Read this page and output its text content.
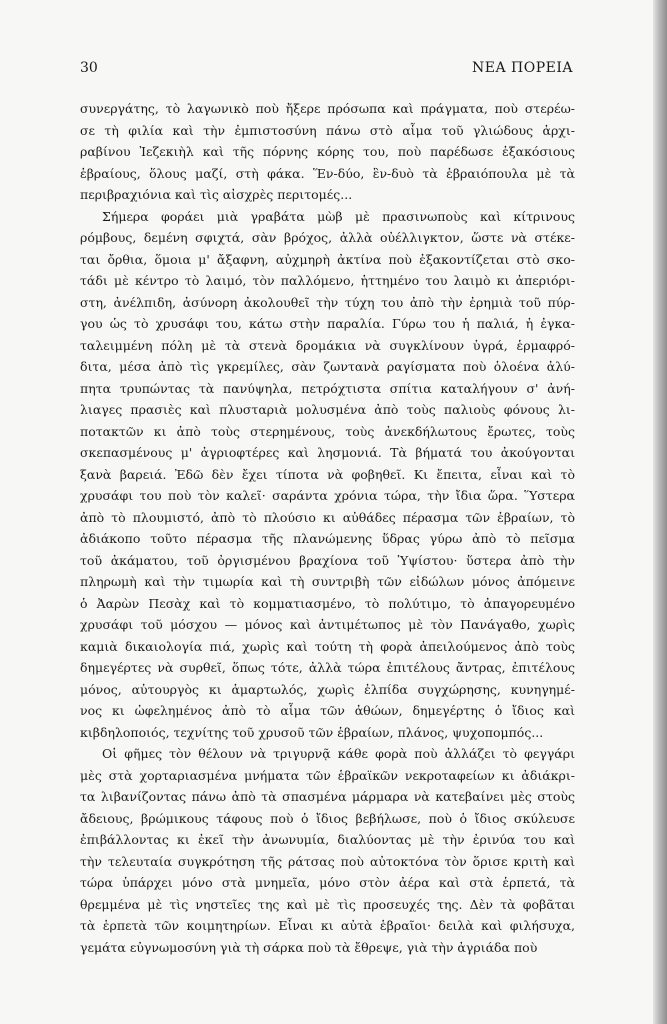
30	ΝΕΑ ΠΟΡΕΙΑ
συνεργάτης, τὸ λαγωνικὸ ποὺ ἤξερε πρόσωπα καὶ πράγματα, ποὺ στερέω-
σε τὴ φιλία καὶ τὴν ἐμπιστοσύνη πάνω στὸ αἷμα τοῦ γλιώδους ἀρχι-
ραβίνου Ἰεζεκιὴλ καὶ τῆς πόρνης κόρης του, ποὺ παρέδωσε ἑξακόσιους
ἑβραίους, ὅλους μαζί, στὴ φάκα. Ἕν-δύο, ἓν-δυὸ τὰ ἑβραιόπουλα μὲ τὰ
περιβραχιόνια καὶ τὶς αἰσχρὲς περιτομές...
Σήμερα φοράει μιὰ γραβάτα μὼβ μὲ πρασινωποὺς καὶ κίτρινους
ρόμβους, δεμένη σφιχτά, σὰν βρόχος, ἀλλὰ οὐέλλιγκτον, ὥστε νὰ στέκε-
ται ὄρθια, ὅμοια μ' ἄξαφνη, αὐχμηρὴ ἀκτίνα ποὺ ἐξακοντίζεται στὸ σκο-
τάδι μὲ κέντρο τὸ λαιμό, τὸν παλλόμενο, ἡττημένο του λαιμὸ κι ἀπεριόρι-
στη, ἀνέλπιδη, ἀσύνορη ἀκολουθεῖ τὴν τύχη του ἀπὸ τὴν ἐρημιὰ τοῦ πύρ-
γου ὡς τὸ χρυσάφι του, κάτω στὴν παραλία. Γύρω του ἡ παλιά, ἡ ἐγκα-
ταλειμμένη πόλη μὲ τὰ στενὰ δρομάκια νὰ συγκλίνουν ὑγρά, ἑρμαφρό-
διτα, μέσα ἀπὸ τὶς γκρεμίλες, σὰν ζωντανὰ ραγίσματα ποὺ ὁλοένα ἀλύ-
πητα τρυπώντας τὰ πανύψηλα, πετρόχτιστα σπίτια καταλήγουν σ' ἀνή-
λιαγες πρασιὲς καὶ πλυσταριὰ μολυσμένα ἀπὸ τοὺς παλιοὺς φόνους λι-
ποτακτῶν κι ἀπὸ τοὺς στερημένους, τοὺς ἀνεκδήλωτους ἔρωτες, τοὺς
σκεπασμένους μ' ἀγριοφτέρες καὶ λησμονιά. Τὰ βήματά του ἀκούγονται
ξανὰ βαρειά. Ἐδῶ δὲν ἔχει τίποτα νὰ φοβηθεῖ. Κι ἔπειτα, εἶναι καὶ τὸ
χρυσάφι του ποὺ τὸν καλεῖ· σαράντα χρόνια τώρα, τὴν ἴδια ὥρα. Ὕστερα
ἀπὸ τὸ πλουμιστό, ἀπὸ τὸ πλούσιο κι αὐθάδες πέρασμα τῶν ἑβραίων, τὸ
ἀδιάκοπο τοῦτο πέρασμα τῆς πλανώμενης ὕδρας γύρω ἀπὸ τὸ πεῖσμα
τοῦ ἀκάματου, τοῦ ὀργισμένου βραχίονα τοῦ Ὑψίστου· ὕστερα ἀπὸ τὴν
πληρωμὴ καὶ τὴν τιμωρία καὶ τὴ συντριβὴ τῶν εἰδώλων μόνος ἀπόμεινε
ὁ Ἀαρὼν Πεσὰχ καὶ τὸ κομματιασμένο, τὸ πολύτιμο, τὸ ἀπαγορευμένο
χρυσάφι τοῦ μόσχου — μόνος καὶ ἀντιμέτωπος μὲ τὸν Πανάγαθο, χωρὶς
καμιὰ δικαιολογία πιά, χωρὶς καὶ τούτη τὴ φορὰ ἀπειλούμενος ἀπὸ τοὺς
δημεγέρτες νὰ συρθεῖ, ὅπως τότε, ἀλλὰ τώρα ἐπιτέλους ἄντρας, ἐπιτέλους
μόνος, αὐτουργὸς κι ἁμαρτωλός, χωρὶς ἐλπίδα συγχώρησης, κυνηγημέ-
νος κι ὠφελημένος ἀπὸ τὸ αἷμα τῶν ἀθώων, δημεγέρτης ὁ ἴδιος καὶ
κιβδηλοποιός, τεχνίτης τοῦ χρυσοῦ τῶν ἑβραίων, πλάνος, ψυχοπομπός...
Οἱ φῆμες τὸν θέλουν νὰ τριγυρνᾷ κάθε φορὰ ποὺ ἀλλάζει τὸ φεγγάρι
μὲς στὰ χορταριασμένα μνήματα τῶν ἑβραϊκῶν νεκροταφείων κι ἀδιάκρι-
τα λιβανίζοντας πάνω ἀπὸ τὰ σπασμένα μάρμαρα νὰ κατεβαίνει μὲς στοὺς
ἄδειους, βρώμικους τάφους ποὺ ὁ ἴδιος βεβήλωσε, ποὺ ὁ ἴδιος σκύλευσε
ἐπιβάλλοντας κι ἐκεῖ τὴν ἀνωνυμία, διαλύοντας μὲ τὴν ἐρινύα του καὶ
τὴν τελευταία συγκρότηση τῆς ράτσας ποὺ αὐτοκτόνα τὸν ὅρισε κριτὴ καὶ
τώρα ὑπάρχει μόνο στὰ μνημεῖα, μόνο στὸν ἀέρα καὶ στὰ ἑρπετά, τὰ
θρεμμένα μὲ τὶς νηστεῖες της καὶ μὲ τὶς προσευχές της. Δὲν τὰ φοβᾶται
τὰ ἑρπετὰ τῶν κοιμητηρίων. Εἶναι κι αὐτὰ ἑβραῖοι· δειλὰ καὶ φιλήσυχα,
γεμάτα εὐγνωμοσύνη γιὰ τὴ σάρκα ποὺ τὰ ἔθρεψε, γιὰ τὴν ἀγριάδα ποὺ
